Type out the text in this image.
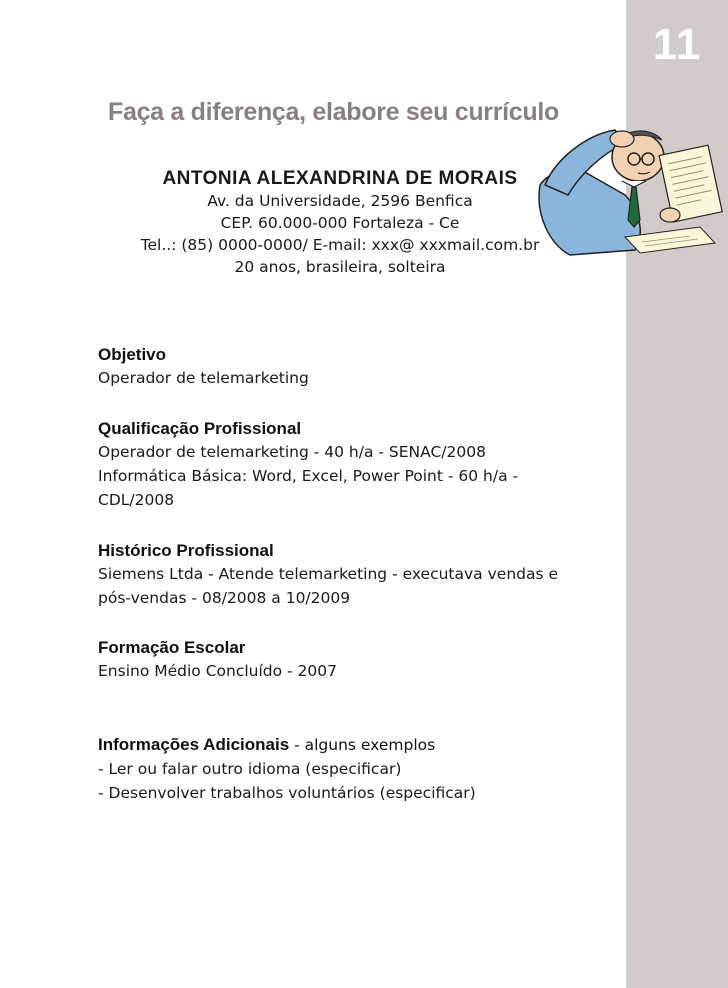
11
Faça a diferença, elabore seu currículo
ANTONIA ALEXANDRINA DE MORAIS
Av. da Universidade, 2596 Benfica
CEP. 60.000-000 Fortaleza - Ce
Tel..: (85) 0000-0000/ E-mail: xxx@ xxxmail.com.br
20 anos, brasileira, solteira
Objetivo
Operador de telemarketing
Qualificação Profissional
Operador de telemarketing - 40 h/a - SENAC/2008
Informática Básica: Word, Excel, Power Point - 60 h/a -
CDL/2008
Histórico Profissional
Siemens Ltda - Atende telemarketing - executava vendas e
pós-vendas - 08/2008 a 10/2009
Formação Escolar
Ensino Médio Concluído - 2007
Informações Adicionais - alguns exemplos
- Ler ou falar outro idioma (especificar)
- Desenvolver trabalhos voluntários (especificar)
